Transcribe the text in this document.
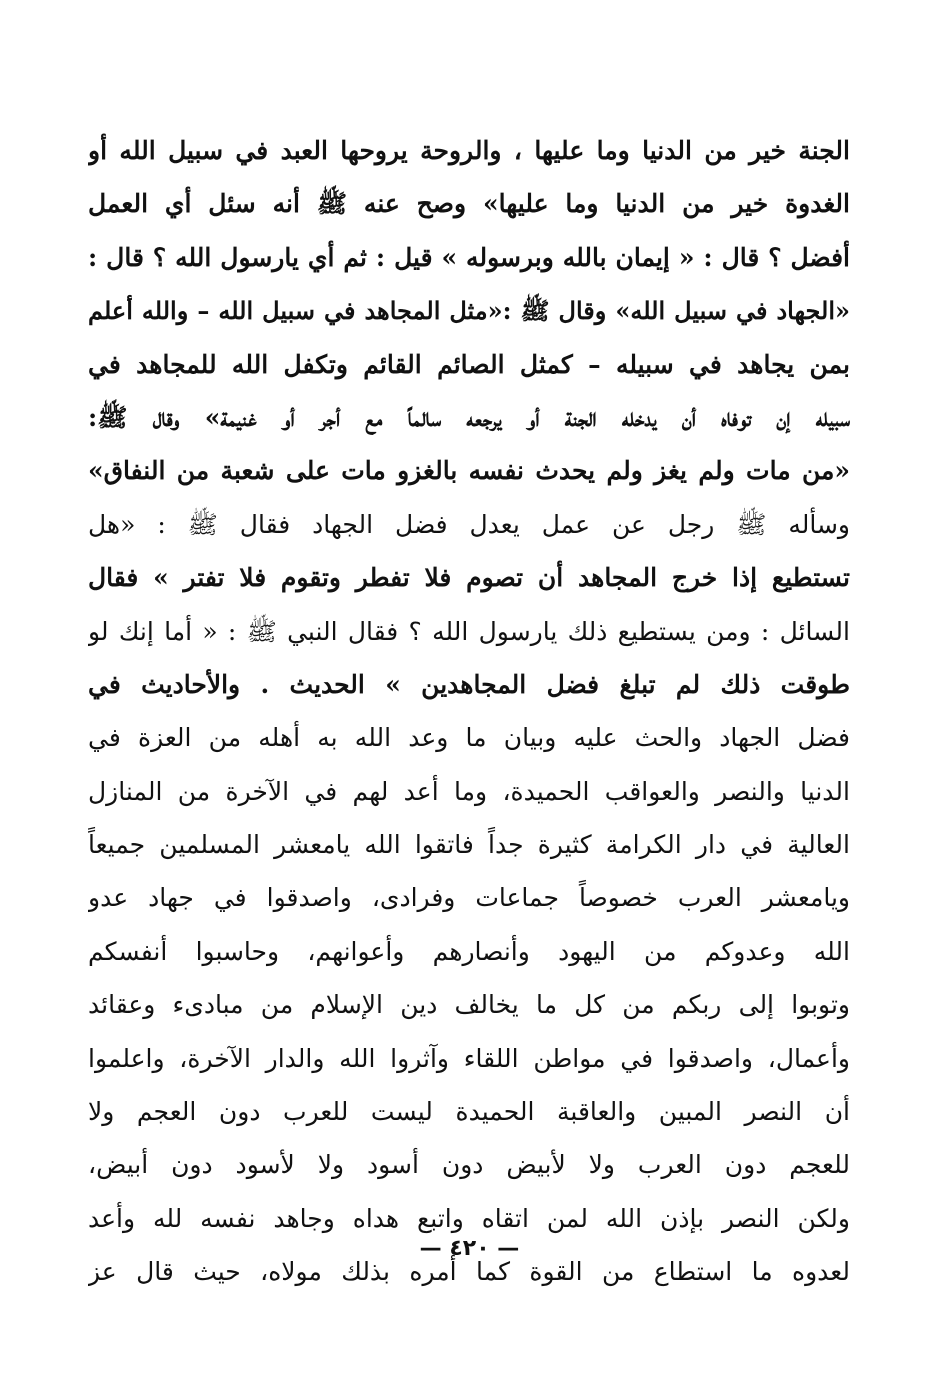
الجنة خير من الدنيا وما عليها ، والروحة يروحها العبد في سبيل الله أو
الغدوة خير من الدنيا وما عليها» وصح عنه ﷺ أنه سئل أي العمل
أفضل ؟ قال : « إيمان بالله وبرسوله » قيل : ثم أي يارسول الله ؟ قال :
«الجهاد في سبيل الله» وقال ﷺ :«مثل المجاهد في سبيل الله – والله أعلم
بمن يجاهد في سبيله – كمثل الصائم القائم وتكفل الله للمجاهد في
سبيله إن توفاه أن يدخله الجنة أو يرجعه سالماً مع أجر أو غنيمة» وقال ﷺ:
«من مات ولم يغز ولم يحدث نفسه بالغزو مات على شعبة من النفاق»
وسأله ﷺ رجل عن عمل يعدل فضل الجهاد فقال ﷺ : «هل
تستطيع إذا خرج المجاهد أن تصوم فلا تفطر وتقوم فلا تفتر » فقال
السائل : ومن يستطيع ذلك يارسول الله ؟ فقال النبي ﷺ : « أما إنك لو
طوقت ذلك لم تبلغ فضل المجاهدين » الحديث . والأحاديث في
فضل الجهاد والحث عليه وبيان ما وعد الله به أهله من العزة في
الدنيا والنصر والعواقب الحميدة، وما أعد لهم في الآخرة من المنازل
العالية في دار الكرامة كثيرة جداً فاتقوا الله يامعشر المسلمين جميعاً
ويامعشر العرب خصوصاً جماعات وفرادى، واصدقوا في جهاد عدو
الله وعدوكم من اليهود وأنصارهم وأعوانهم، وحاسبوا أنفسكم
وتوبوا إلى ربكم من كل ما يخالف دين الإسلام من مبادىء وعقائد
وأعمال، واصدقوا في مواطن اللقاء وآثروا الله والدار الآخرة، واعلموا
أن النصر المبين والعاقبة الحميدة ليست للعرب دون العجم ولا
للعجم دون العرب ولا لأبيض دون أسود ولا لأسود دون أبيض،
ولكن النصر بإذن الله لمن اتقاه واتبع هداه وجاهد نفسه لله وأعد
لعدوه ما استطاع من القوة كما أمره بذلك مولاه، حيث قال عز
— ٤٢٠ —
